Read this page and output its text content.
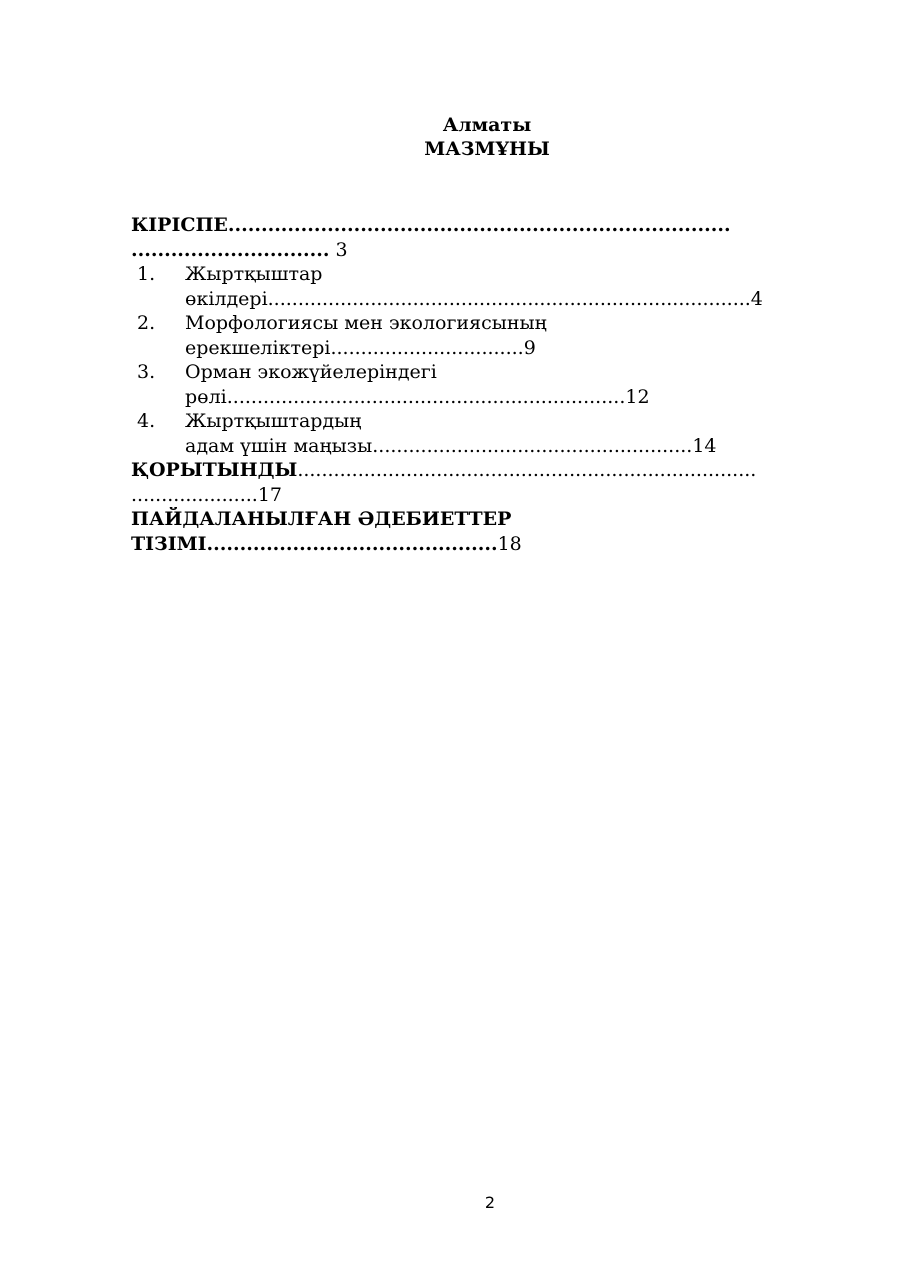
Алматы
МАЗМҰНЫ
КІРІСПЕ............................................................................
.............................. 3
1. Жыртқыштар
өкілдері................................................................................4
2. Морфологиясы мен экологиясының
ерекшеліктері................................9
3. Орман экожүйелеріндегі
рөлі..................................................................12
4. Жыртқыштардың
адам үшін маңызы.....................................................14
ҚОРЫТЫНДЫ............................................................................
.....................17
ПАЙДАЛАНЫЛҒАН ӘДЕБИЕТТЕР
ТІЗІМІ............................................18
2
